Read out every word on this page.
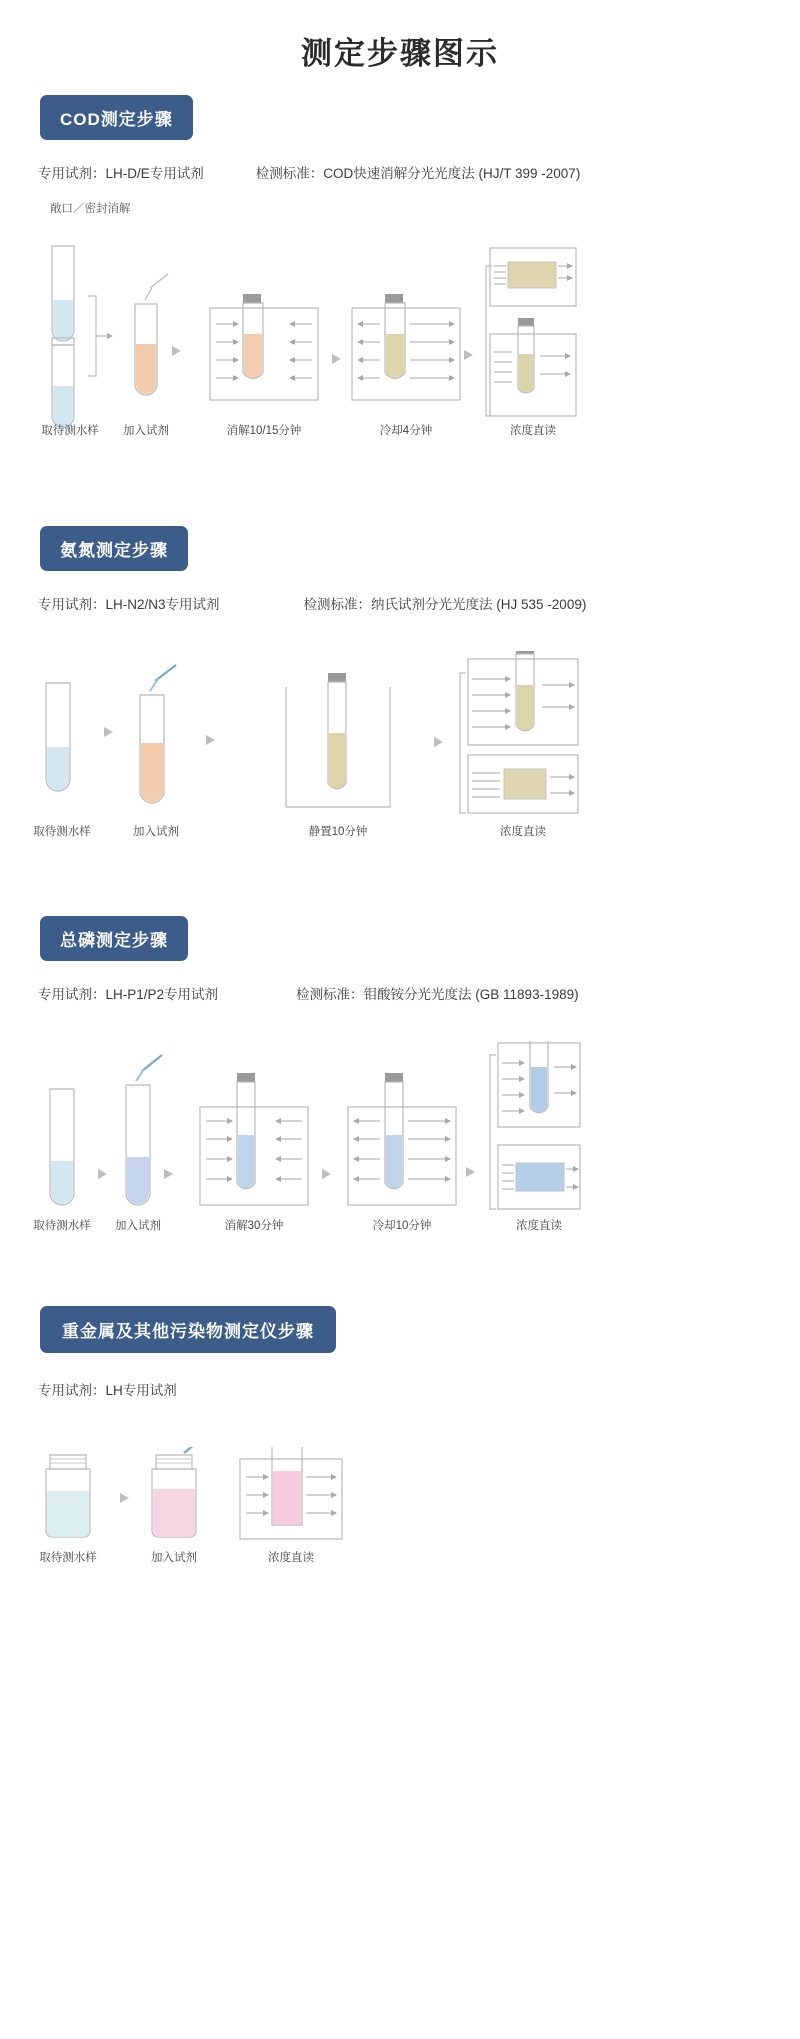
测定步骤图示
COD测定步骤
专用试剂：LH-D/E专用试剂	检测标准：COD快速消解分光光度法 (HJ/T 399 -2007)
敞口／密封消解
取待测水样	加入试剂	消解10/15分钟	冷却4分钟	浓度直读
氨氮测定步骤
专用试剂：LH-N2/N3专用试剂	检测标准：纳氏试剂分光光度法 (HJ 535 -2009)
取待测水样	加入试剂	静置10分钟	浓度直读
总磷测定步骤
专用试剂：LH-P1/P2专用试剂	检测标准：钼酸铵分光光度法 (GB 11893-1989)
取待测水样	加入试剂	消解30分钟	冷却10分钟	浓度直读
重金属及其他污染物测定仪步骤
专用试剂：LH专用试剂
取待测水样	加入试剂	浓度直读
